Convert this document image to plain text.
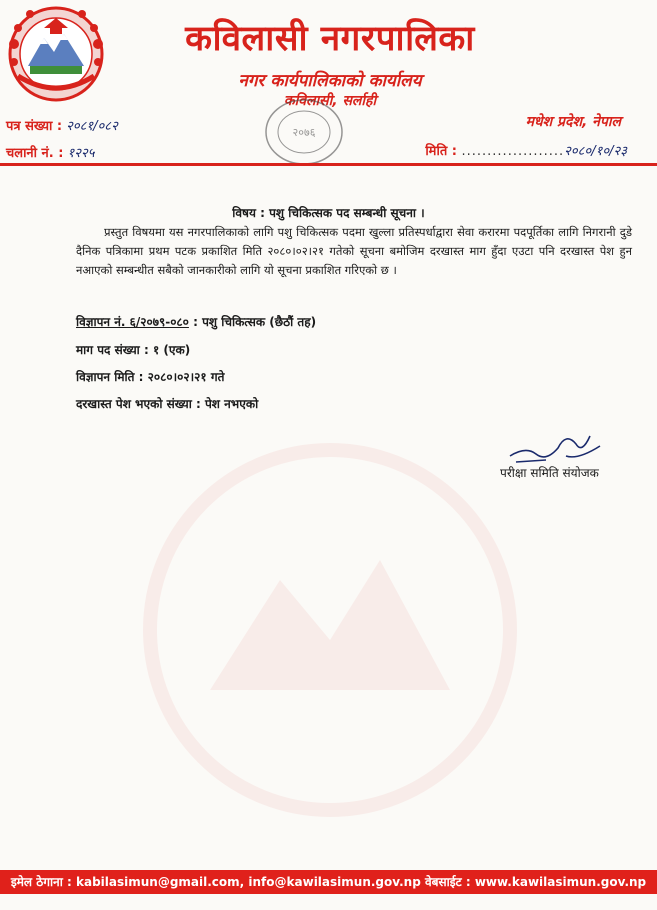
कविलासी नगरपालिका
नगर कार्यपालिकाको कार्यालय
कविलासी, सर्लाही
२०७६
पत्र संख्या : २०८१/०८२
चलानी नं. : १२२५
मधेश प्रदेश, नेपाल
मिति : ....................२०८०/१०/२३
विषय : पशु चिकित्सक पद सम्बन्धी सूचना ।
प्रस्तुत विषयमा यस नगरपालिकाको लागि पशु चिकित्सक पदमा खुल्ला प्रतिस्पर्धाद्वारा सेवा करारमा पदपूर्तिका लागि निगरानी दुडे दैनिक पत्रिकामा प्रथम पटक प्रकाशित मिति २०८०।०२।२१ गतेको सूचना बमोजिम दरखास्त माग हुँदा एउटा पनि दरखास्त पेश हुन नआएको सम्बन्धीत सबैको जानकारीको लागि यो सूचना प्रकाशित गरिएको छ ।
विज्ञापन नं. ६/२०७९-०८० : पशु चिकित्सक (छैठौं तह)
माग पद संख्या : १ (एक)
विज्ञापन मिति : २०८०।०२।२१ गते
दरखास्त पेश भएको संख्या : पेश नभएको
परीक्षा समिति संयोजक
इमेल ठेगाना : kabilasimun@gmail.com, info@kawilasimun.gov.np वेबसाईट : www.kawilasimun.gov.np
